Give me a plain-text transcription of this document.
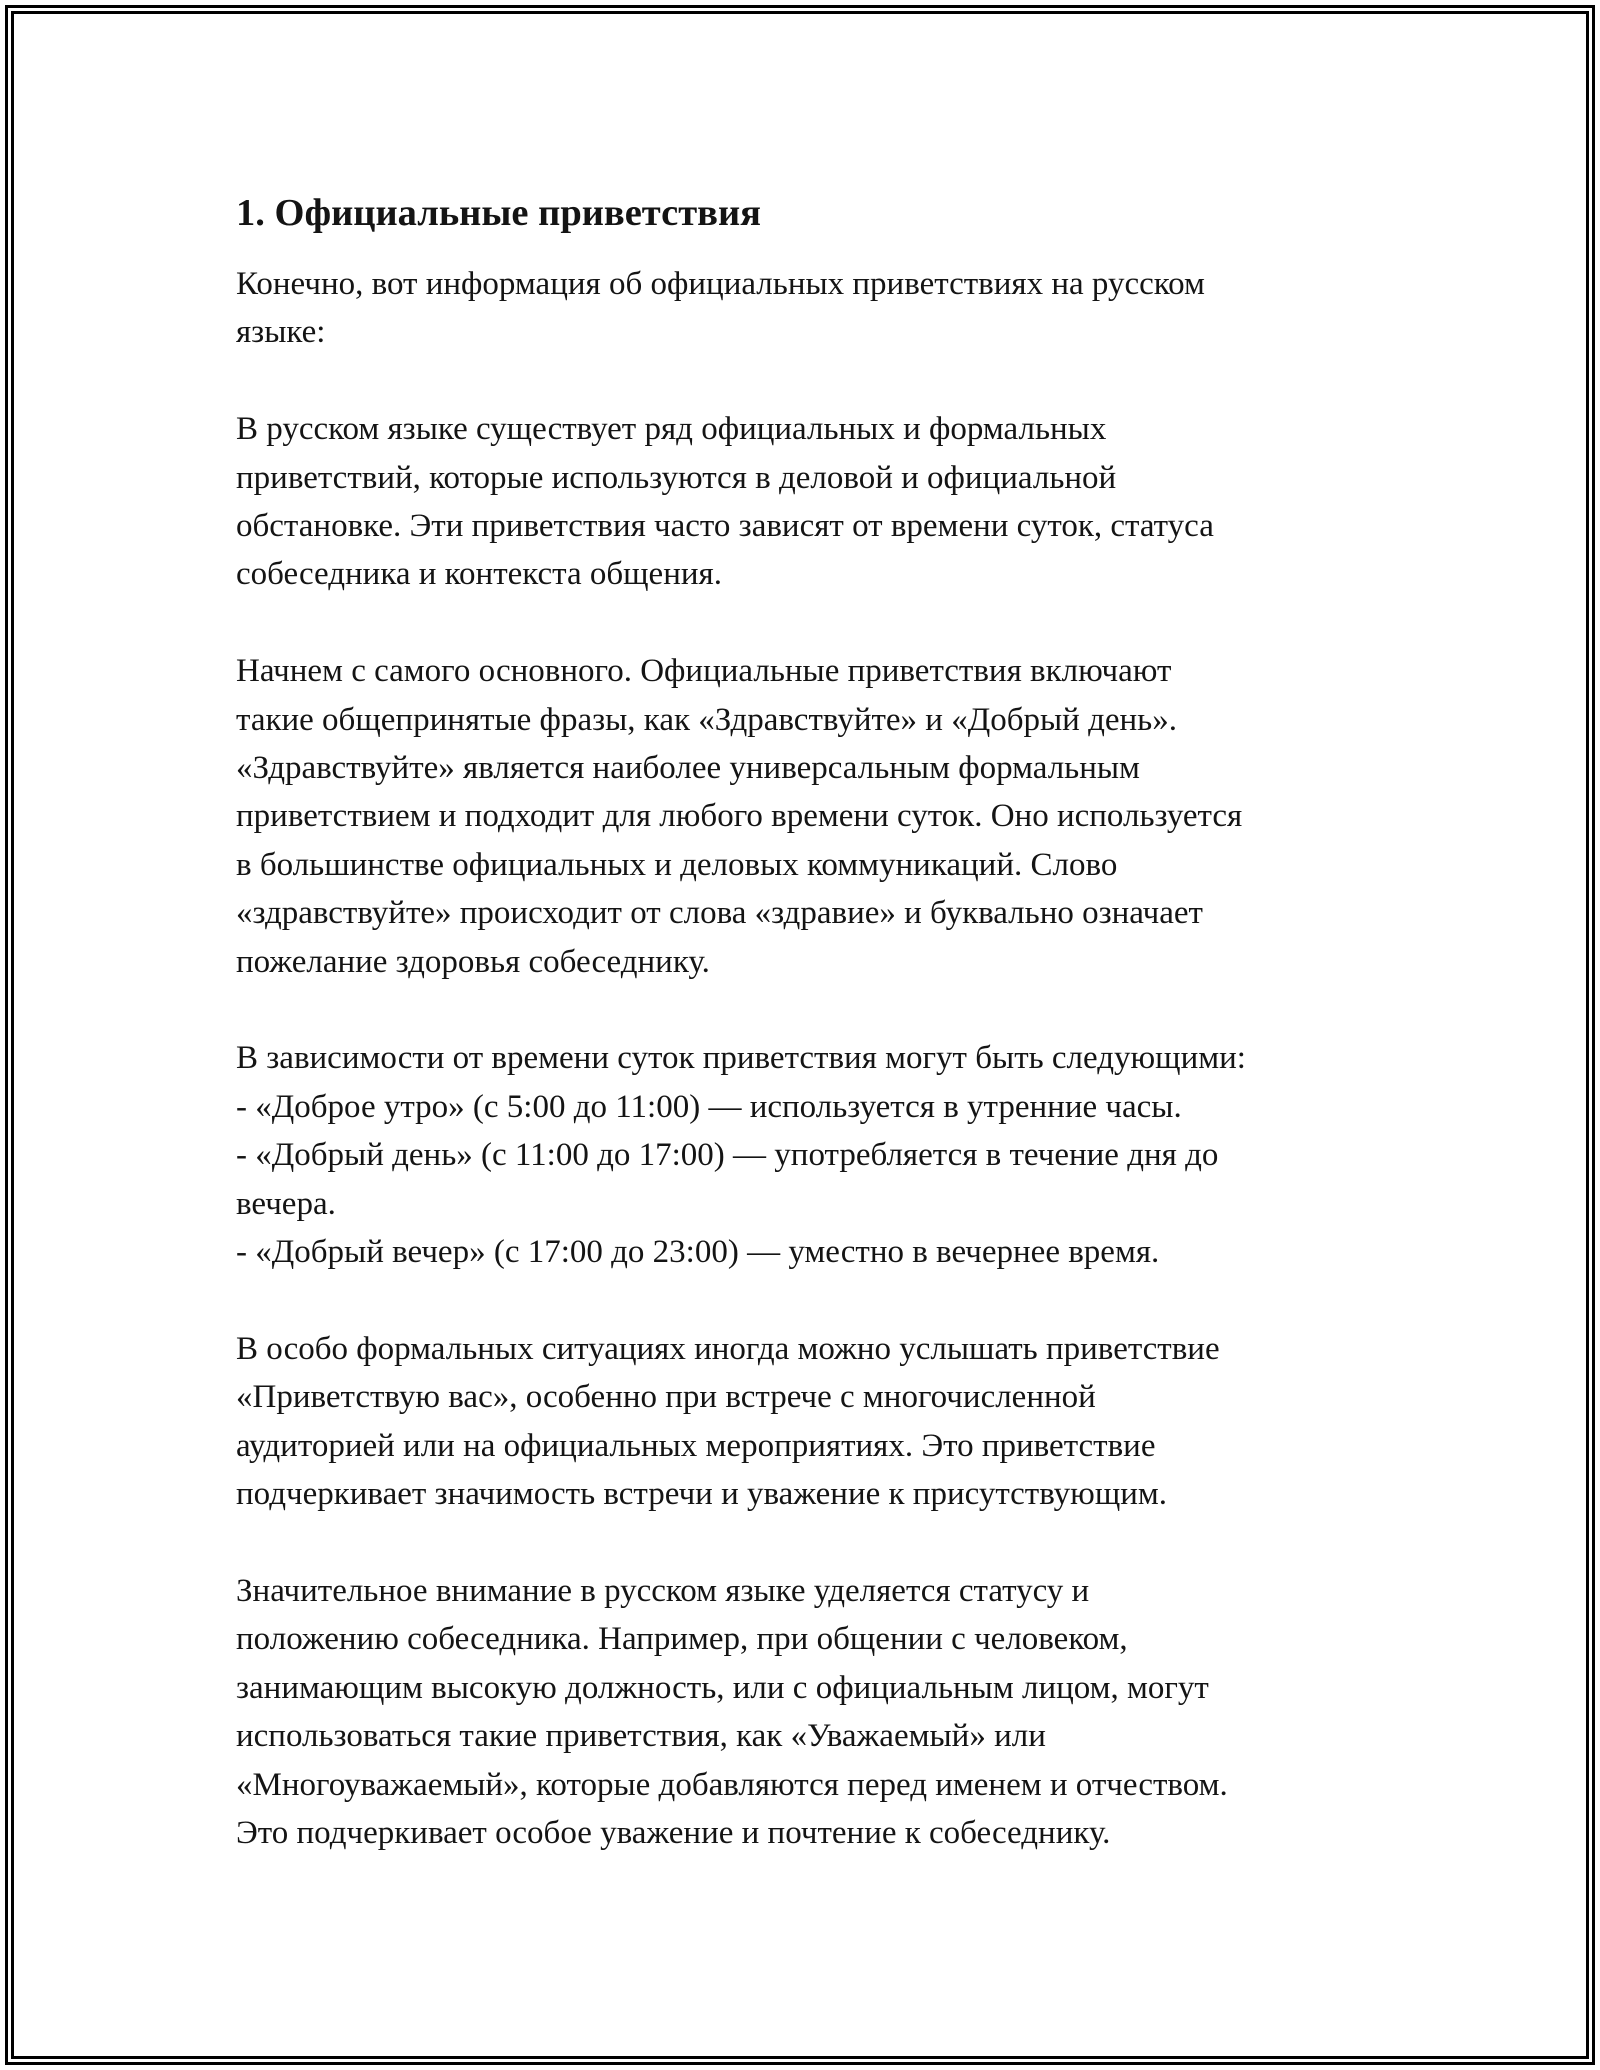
1. Официальные приветствия

Конечно, вот информация об официальных приветствиях на русском
языке:

В русском языке существует ряд официальных и формальных
приветствий, которые используются в деловой и официальной
обстановке. Эти приветствия часто зависят от времени суток, статуса
собеседника и контекста общения.

Начнем с самого основного. Официальные приветствия включают
такие общепринятые фразы, как «Здравствуйте» и «Добрый день».
«Здравствуйте» является наиболее универсальным формальным
приветствием и подходит для любого времени суток. Оно используется
в большинстве официальных и деловых коммуникаций. Слово
«здравствуйте» происходит от слова «здравие» и буквально означает
пожелание здоровья собеседнику.

В зависимости от времени суток приветствия могут быть следующими:
- «Доброе утро» (с 5:00 до 11:00) — используется в утренние часы.
- «Добрый день» (с 11:00 до 17:00) — употребляется в течение дня до
вечера.
- «Добрый вечер» (с 17:00 до 23:00) — уместно в вечернее время.

В особо формальных ситуациях иногда можно услышать приветствие
«Приветствую вас», особенно при встрече с многочисленной
аудиторией или на официальных мероприятиях. Это приветствие
подчеркивает значимость встречи и уважение к присутствующим.

Значительное внимание в русском языке уделяется статусу и
положению собеседника. Например, при общении с человеком,
занимающим высокую должность, или с официальным лицом, могут
использоваться такие приветствия, как «Уважаемый» или
«Многоуважаемый», которые добавляются перед именем и отчеством.
Это подчеркивает особое уважение и почтение к собеседнику.
